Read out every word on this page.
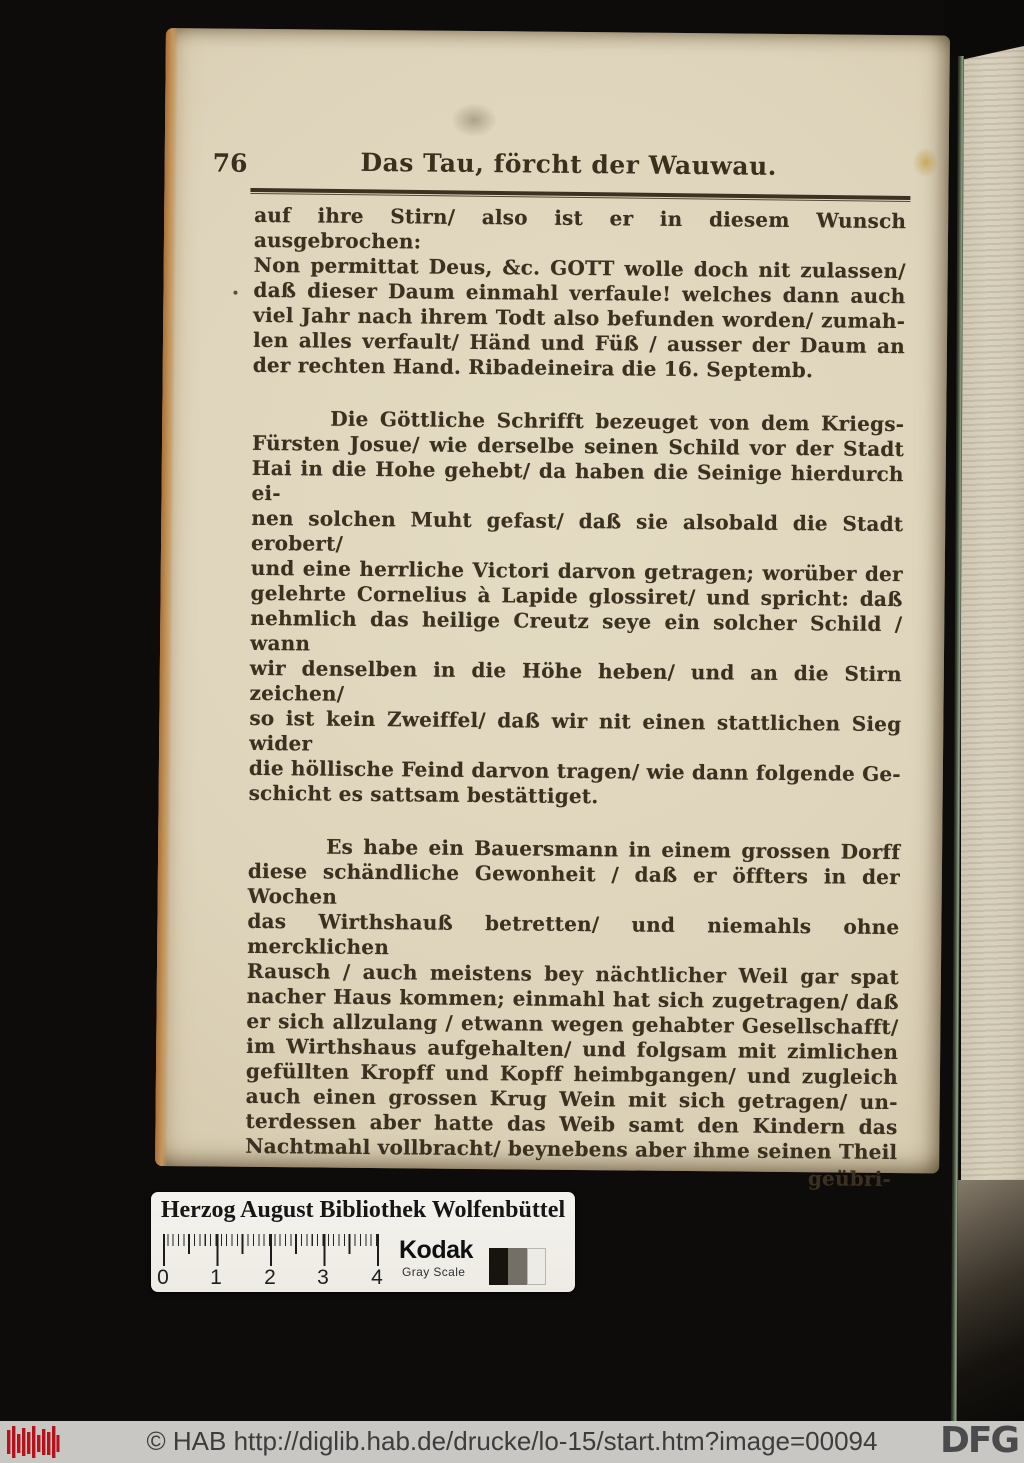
76	Das Tau, förcht der Wauwau.
auf ihre Stirn/ also ist er in diesem Wunsch ausgebrochen:
Non permittat Deus, &c. GOTT wolle doch nit zulassen/
daß dieser Daum einmahl verfaule! welches dann auch
viel Jahr nach ihrem Todt also befunden worden/ zumah-
len alles verfault/ Händ und Füß / ausser der Daum an
der rechten Hand. Ribadeineira die 16. Septemb.
Die Göttliche Schrifft bezeuget von dem Kriegs-
Fürsten Josue/ wie derselbe seinen Schild vor der Stadt
Hai in die Hohe gehebt/ da haben die Seinige hierdurch ei-
nen solchen Muht gefast/ daß sie alsobald die Stadt erobert/
und eine herrliche Victori darvon getragen; worüber der
gelehrte Cornelius à Lapide glossiret/ und spricht: daß
nehmlich das heilige Creutz seye ein solcher Schild / wann
wir denselben in die Höhe heben/ und an die Stirn zeichen/
so ist kein Zweiffel/ daß wir nit einen stattlichen Sieg wider
die höllische Feind darvon tragen/ wie dann folgende Ge-
schicht es sattsam bestättiget.
Es habe ein Bauersmann in einem grossen Dorff
diese schändliche Gewonheit / daß er öffters in der Wochen
das Wirthshauß betretten/ und niemahls ohne mercklichen
Rausch / auch meistens bey nächtlicher Weil gar spat
nacher Haus kommen; einmahl hat sich zugetragen/ daß
er sich allzulang / etwann wegen gehabter Gesellschafft/
im Wirthshaus aufgehalten/ und folgsam mit zimlichen
gefüllten Kropff und Kopff heimbgangen/ und zugleich
auch einen grossen Krug Wein mit sich getragen/ un-
terdessen aber hatte das Weib samt den Kindern das
Nachtmahl vollbracht/ beynebens aber ihme seinen Theil
geübri-
Herzog August Bibliothek Wolfenbüttel
0 1 2 3 4
Kodak
Gray Scale
© HAB http://diglib.hab.de/drucke/lo-15/start.htm?image=00094	DFG
